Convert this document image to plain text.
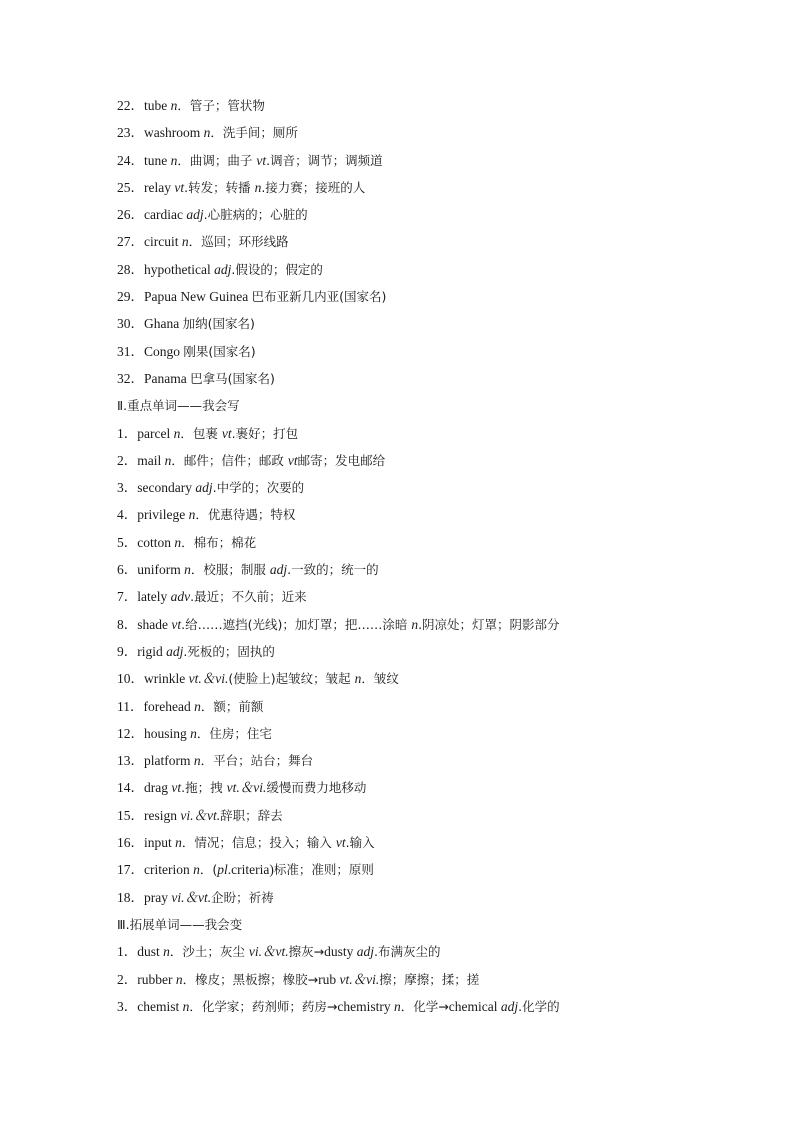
22．tube n．管子；管状物
23．washroom n．洗手间；厕所
24．tune n．曲调；曲子 vt.调音；调节；调频道
25．relay vt.转发；转播 n.接力赛；接班的人
26．cardiac adj.心脏病的；心脏的
27．circuit n．巡回；环形线路
28．hypothetical adj.假设的；假定的
29．Papua New Guinea 巴布亚新几内亚(国家名)
30．Ghana 加纳(国家名)
31．Congo 刚果(国家名)
32．Panama 巴拿马(国家名)
Ⅱ.重点单词——我会写
1．parcel n．包裹 vt.裹好；打包
2．mail n．邮件；信件；邮政 vt邮寄；发电邮给
3．secondary adj.中学的；次要的
4．privilege n．优惠待遇；特权
5．cotton n．棉布；棉花
6．uniform n．校服；制服 adj.一致的；统一的
7．lately adv.最近；不久前；近来
8．shade vt.给……遮挡(光线)；加灯罩；把……涂暗 n.阴凉处；灯罩；阴影部分
9．rigid adj.死板的；固执的
10．wrinkle vt.＆vi.(使脸上)起皱纹；皱起 n．皱纹
11．forehead n．额；前额
12．housing n．住房；住宅
13．platform n．平台；站台；舞台
14．drag vt.拖；拽 vt.＆vi.缓慢而费力地移动
15．resign vi.＆vt.辞职；辞去
16．input n．情况；信息；投入；输入 vt.输入
17．criterion n．(pl.criteria)标准；准则；原则
18．pray vi.＆vt.企盼；祈祷
Ⅲ.拓展单词——我会变
1．dust n．沙土；灰尘 vi.＆vt.擦灰→dusty adj.布满灰尘的
2．rubber n．橡皮；黑板擦；橡胶→rub vt.＆vi.擦；摩擦；揉；搓
3．chemist n．化学家；药剂师；药房→chemistry n．化学→chemical adj.化学的
